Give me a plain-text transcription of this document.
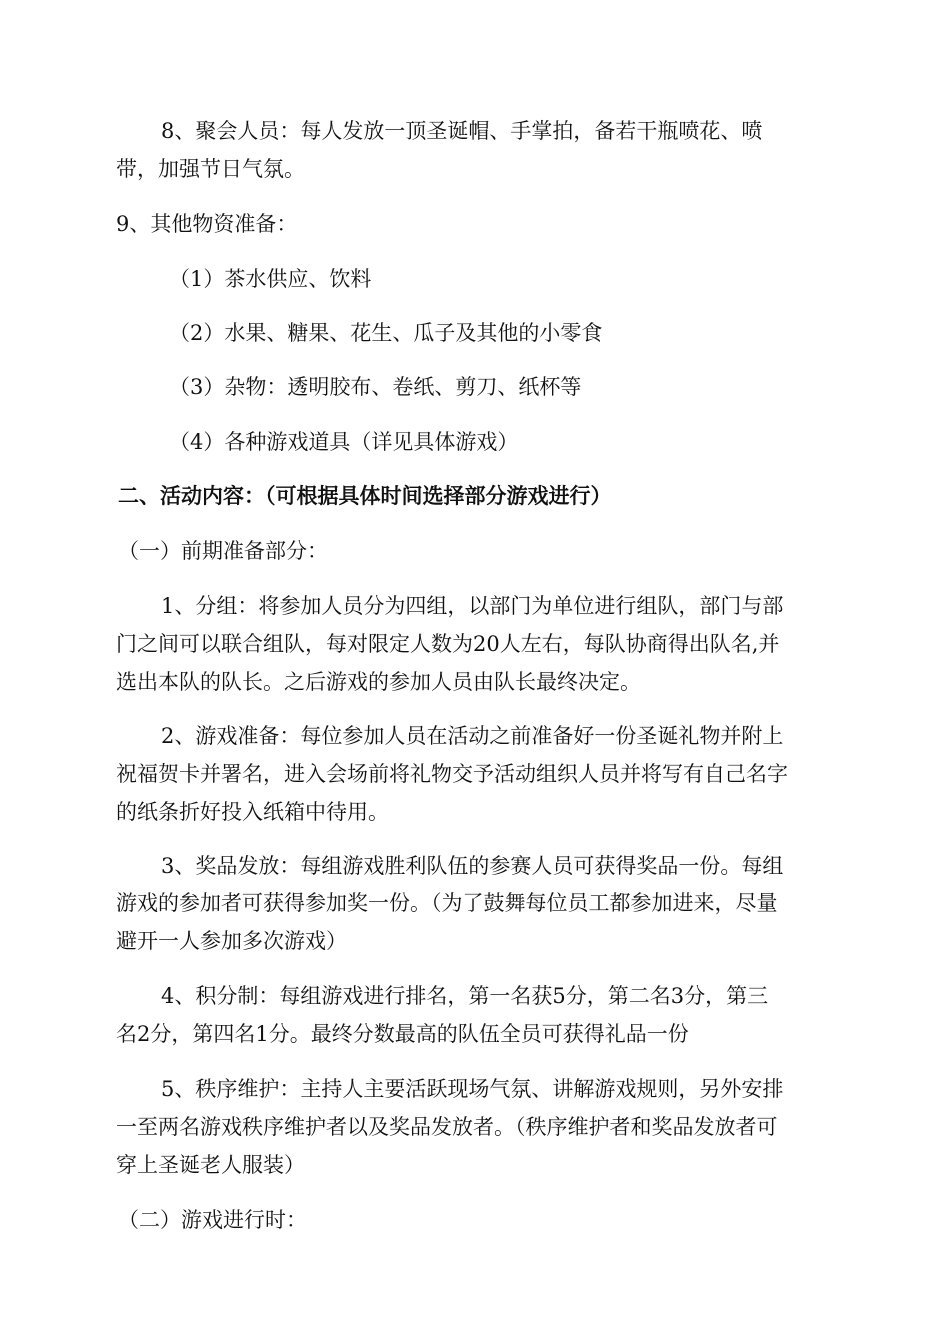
8、聚会人员：每人发放一顶圣诞帽、手掌拍，备若干瓶喷花、喷
带，加强节日气氛。
9、其他物资准备：
（1）茶水供应、饮料
（2）水果、糖果、花生、瓜子及其他的小零食
（3）杂物：透明胶布、卷纸、剪刀、纸杯等
（4）各种游戏道具（详见具体游戏）
二、活动内容：（可根据具体时间选择部分游戏进行）
（一）前期准备部分：
1、分组：将参加人员分为四组，以部门为单位进行组队，部门与部
门之间可以联合组队，每对限定人数为20人左右，每队协商得出队名,并
选出本队的队长。之后游戏的参加人员由队长最终决定。
2、游戏准备：每位参加人员在活动之前准备好一份圣诞礼物并附上
祝福贺卡并署名，进入会场前将礼物交予活动组织人员并将写有自己名字
的纸条折好投入纸箱中待用。
3、奖品发放：每组游戏胜利队伍的参赛人员可获得奖品一份。每组
游戏的参加者可获得参加奖一份。（为了鼓舞每位员工都参加进来，尽量
避开一人参加多次游戏）
4、积分制：每组游戏进行排名，第一名获5分，第二名3分，第三
名2分，第四名1分。最终分数最高的队伍全员可获得礼品一份
5、秩序维护：主持人主要活跃现场气氛、讲解游戏规则，另外安排
一至两名游戏秩序维护者以及奖品发放者。（秩序维护者和奖品发放者可
穿上圣诞老人服装）
（二）游戏进行时：
